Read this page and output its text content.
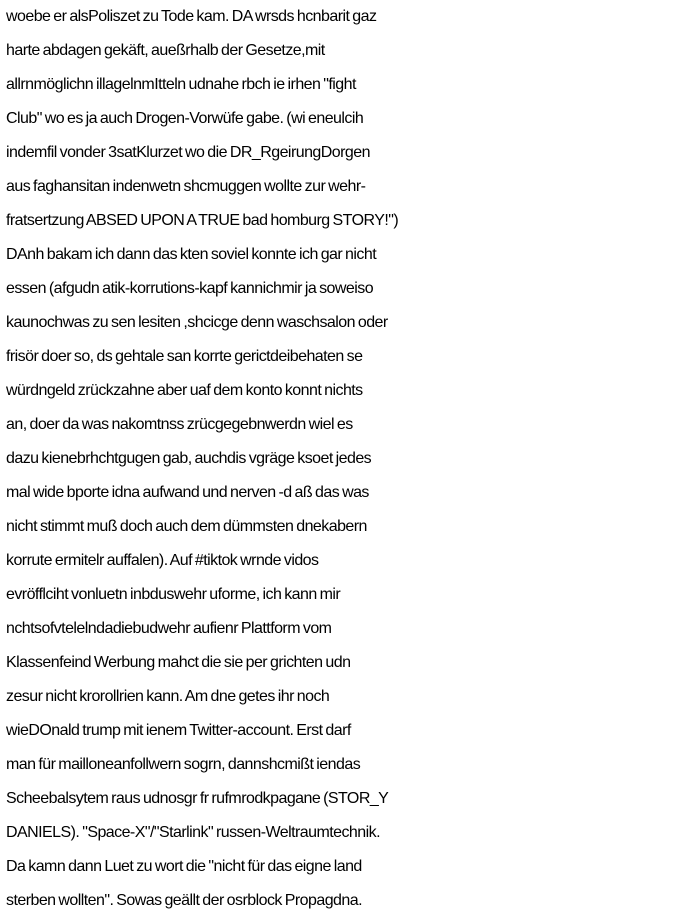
woebe er alsPoliszet zu Tode kam. DA wrsds hcnbarit gaz
harte abdagen gekäft, aueßrhalb der Gesetze,mit
allrnmöglichn illagelnmItteln udnahe rbch ie irhen "fight
Club" wo es ja auch Drogen-Vorwüfe gabe. (wi eneulcih
indemfil vonder 3satKlurzet wo die DR_RgeirungDorgen
aus faghansitan indenwetn shcmuggen wollte zur wehr-
fratsertzung ABSED UPON A TRUE bad homburg STORY!")
DAnh bakam ich dann das kten soviel konnte ich gar nicht
essen (afgudn atik-korrutions-kapf kannichmir ja soweiso
kaunochwas zu sen lesiten ,shcicge denn waschsalon oder
frisör doer so, ds gehtale san korrte gerictdeibehaten se
würdngeld zrückzahne aber uaf dem konto konnt nichts
an, doer da was nakomtnss zrücgegebnwerdn wiel es
dazu kienebrhchtgugen gab, auchdis vgräge ksoet jedes
mal wide bporte idna aufwand und nerven -d aß das was
nicht stimmt muß doch auch dem dümmsten dnekabern
korrute ermitelr auffalen). Auf #tiktok wrnde vidos
evröfflciht vonluetn inbduswehr uforme, ich kann mir
nchtsofvtelelndadiebudwehr aufienr Plattform vom
Klassenfeind Werbung mahct die sie per grichten udn
zesur nicht krorollrien kann. Am dne getes ihr noch
wieDOnald trump mit ienem Twitter-account. Erst darf
man für mailloneanfollwern sogrn, dannshcmißt iendas
Scheebalsytem raus udnosgr fr rufmrodkpagane (STOR_Y
DANIELS). "Space-X"/"Starlink" russen-Weltraumtechnik.
Da kamn dann Luet zu wort die "nicht für das eigne land
sterben wollten". Sowas geällt der osrblock Propagdna.
